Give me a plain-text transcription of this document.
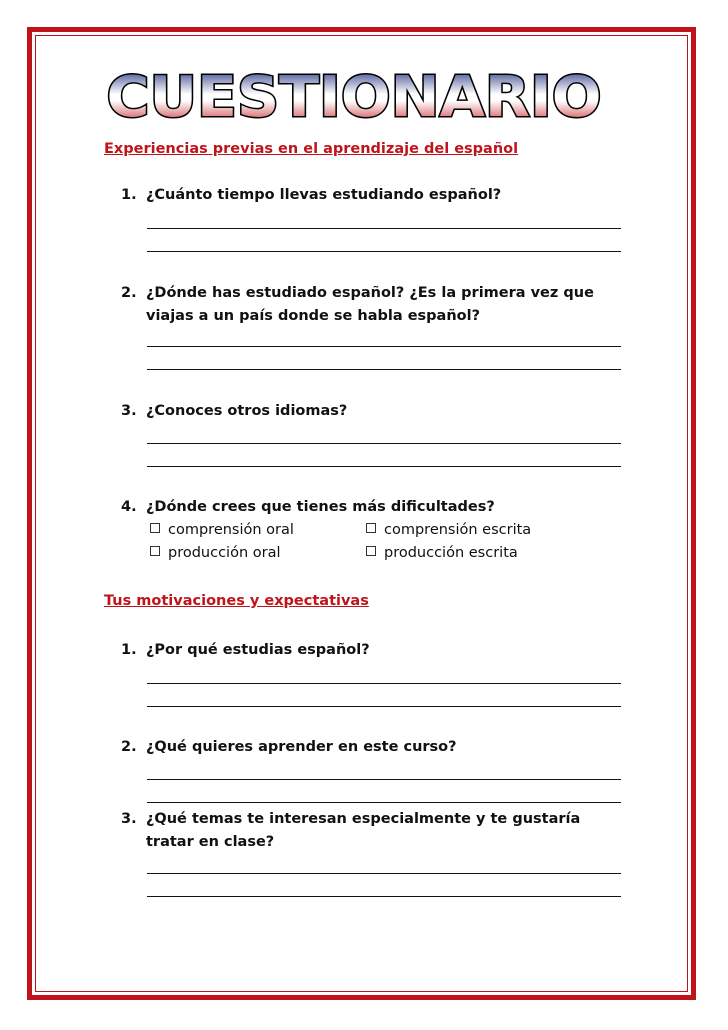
CUESTIONARIO
Experiencias previas en el aprendizaje del español
1. ¿Cuánto tiempo llevas estudiando español?
2. ¿Dónde has estudiado español? ¿Es la primera vez que viajas a un país donde se habla español?
3. ¿Conoces otros idiomas?
4. ¿Dónde crees que tienes más dificultades?
comprensión oral	comprensión escrita
producción oral	producción escrita
Tus motivaciones y expectativas
1. ¿Por qué estudias español?
2. ¿Qué quieres aprender en este curso?
3. ¿Qué temas te interesan especialmente y te gustaría tratar en clase?
